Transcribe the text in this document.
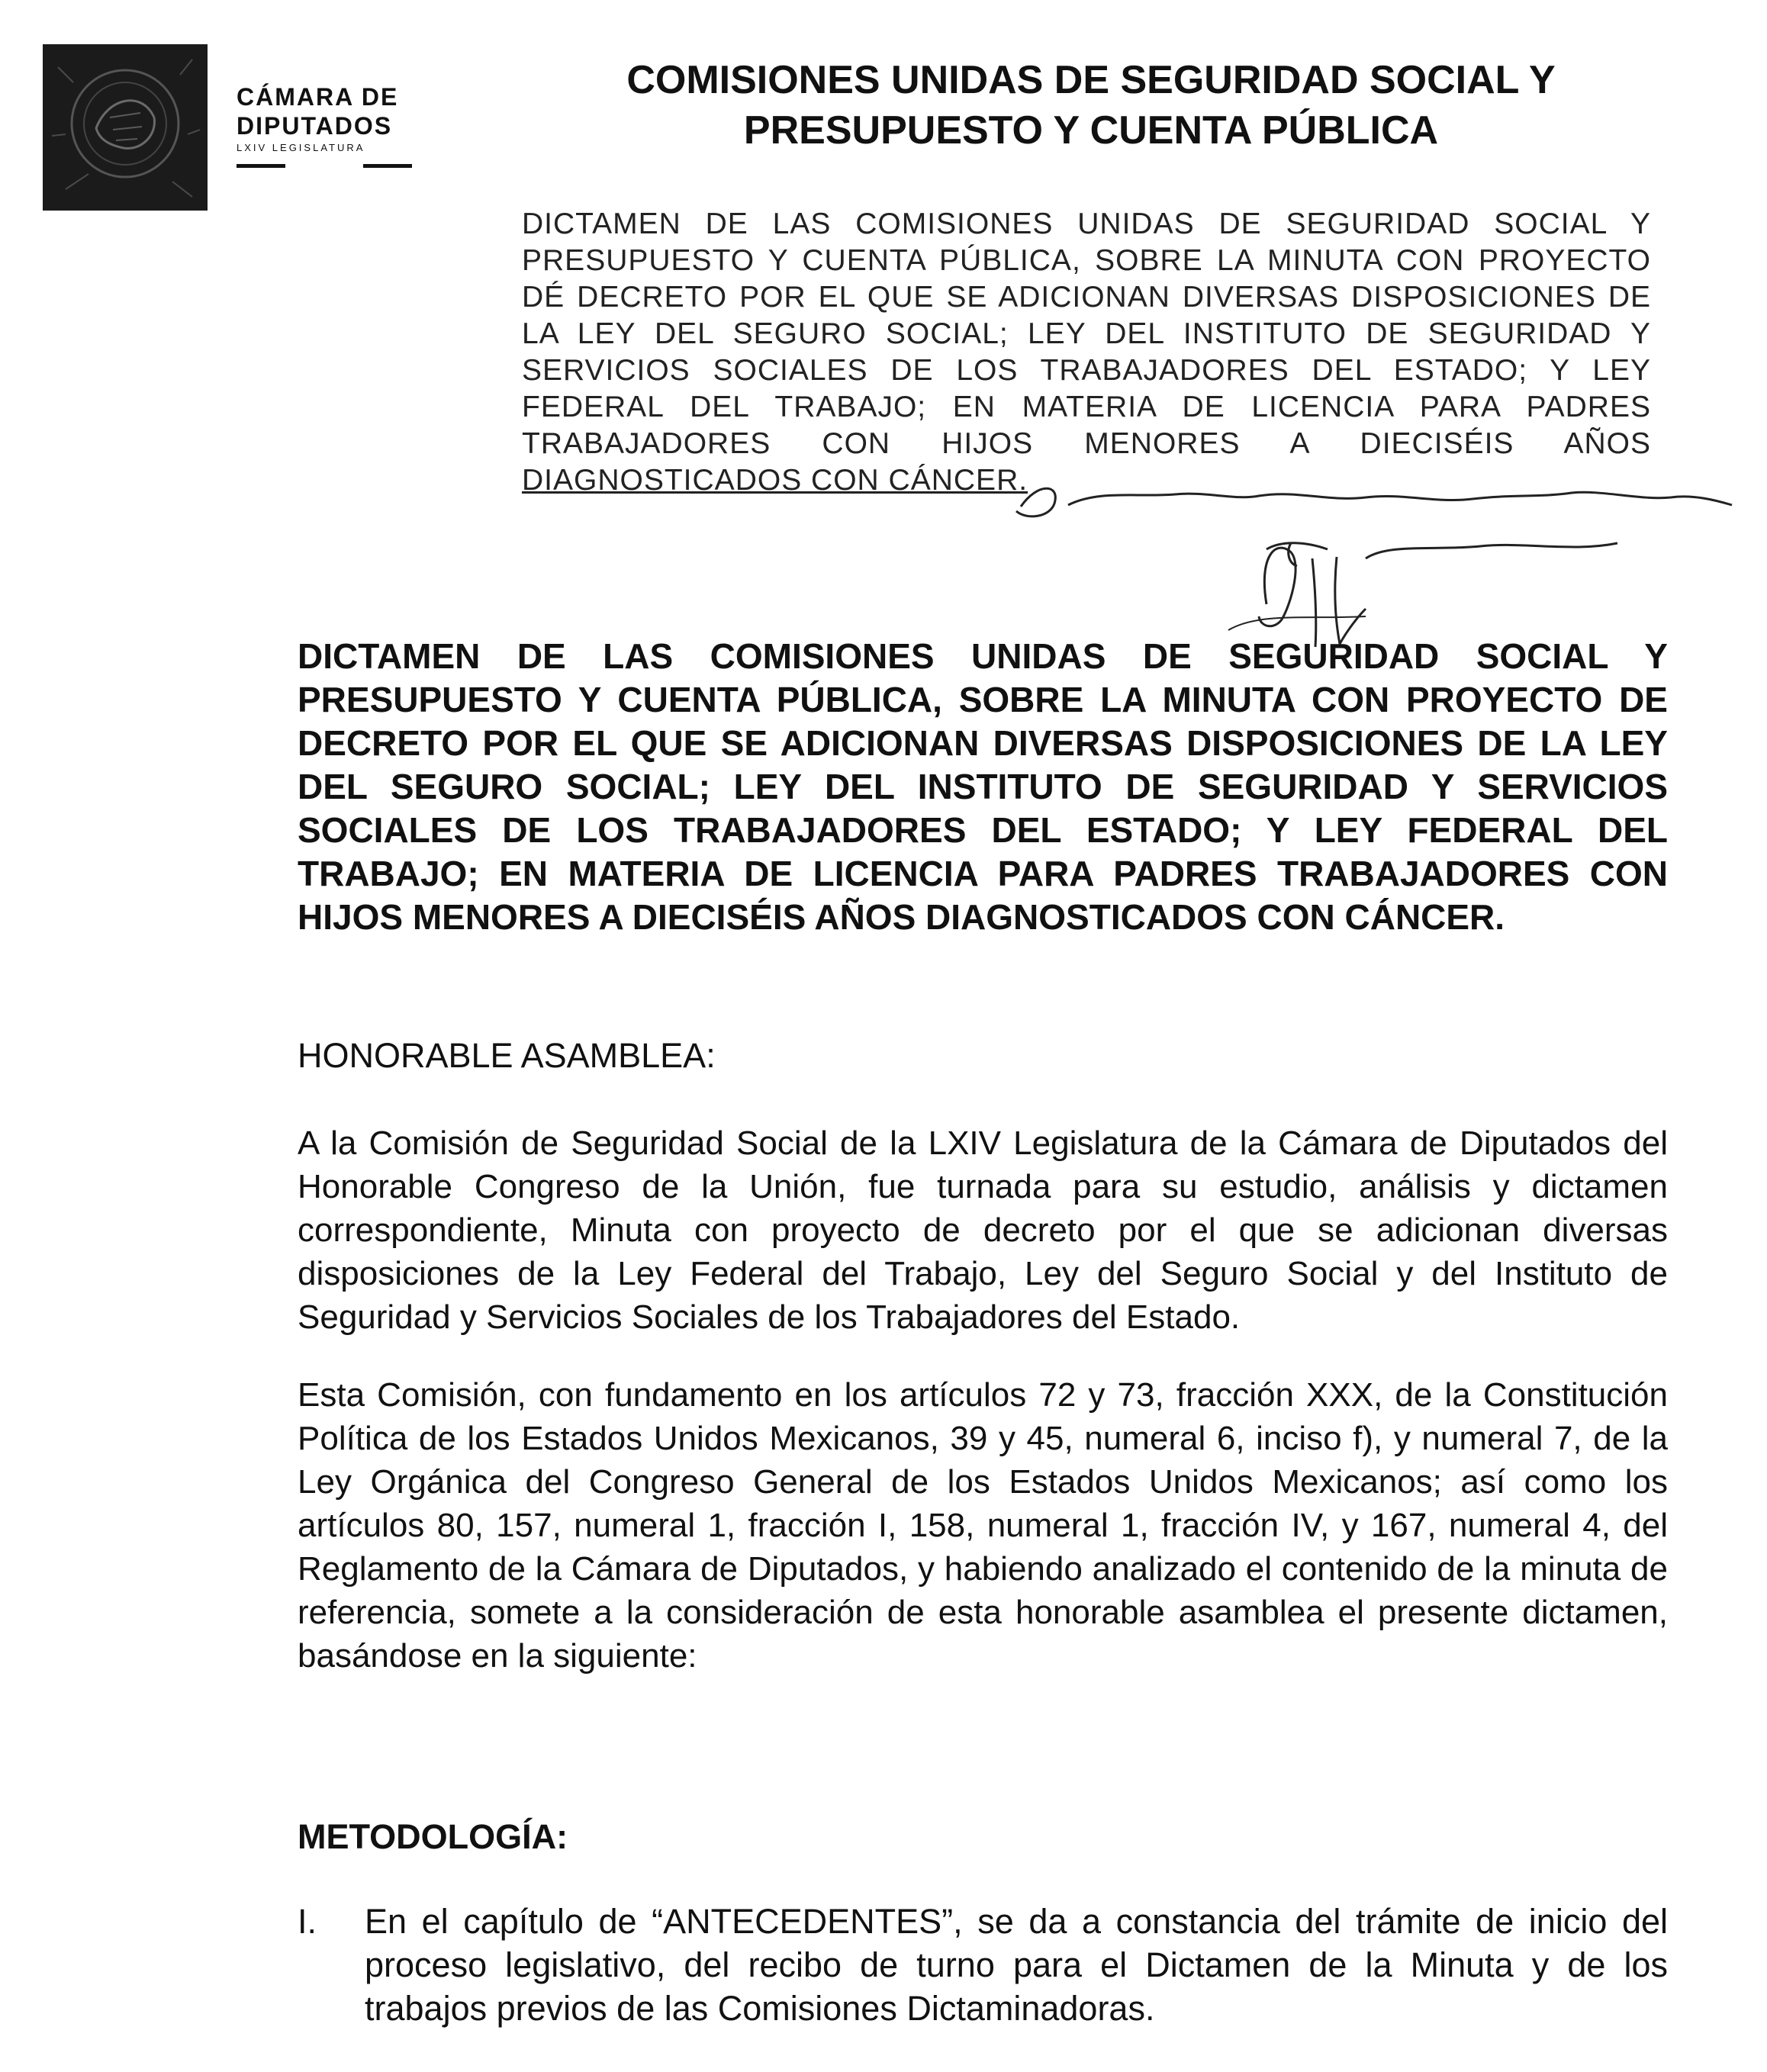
CÁMARA DE
DIPUTADOS
LXIV LEGISLATURA
COMISIONES UNIDAS DE SEGURIDAD SOCIAL Y
PRESUPUESTO Y CUENTA PÚBLICA
DICTAMEN DE LAS COMISIONES UNIDAS DE SEGURIDAD SOCIAL Y PRESUPUESTO Y CUENTA PÚBLICA, SOBRE LA MINUTA CON PROYECTO DÉ DECRETO POR EL QUE SE ADICIONAN DIVERSAS DISPOSICIONES DE LA LEY DEL SEGURO SOCIAL; LEY DEL INSTITUTO DE SEGURIDAD Y SERVICIOS SOCIALES DE LOS TRABAJADORES DEL ESTADO; Y LEY FEDERAL DEL TRABAJO; EN MATERIA DE LICENCIA PARA PADRES TRABAJADORES CON HIJOS MENORES A DIECISÉIS AÑOS DIAGNOSTICADOS CON CÁNCER.
DICTAMEN DE LAS COMISIONES UNIDAS DE SEGURIDAD SOCIAL Y PRESUPUESTO Y CUENTA PÚBLICA, SOBRE LA MINUTA CON PROYECTO DE DECRETO POR EL QUE SE ADICIONAN DIVERSAS DISPOSICIONES DE LA LEY DEL SEGURO SOCIAL; LEY DEL INSTITUTO DE SEGURIDAD Y SERVICIOS SOCIALES DE LOS TRABAJADORES DEL ESTADO; Y LEY FEDERAL DEL TRABAJO; EN MATERIA DE LICENCIA PARA PADRES TRABAJADORES CON HIJOS MENORES A DIECISÉIS AÑOS DIAGNOSTICADOS CON CÁNCER.
HONORABLE ASAMBLEA:
A la Comisión de Seguridad Social de la LXIV Legislatura de la Cámara de Diputados del Honorable Congreso de la Unión, fue turnada para su estudio, análisis y dictamen correspondiente, Minuta con proyecto de decreto por el que se adicionan diversas disposiciones de la Ley Federal del Trabajo, Ley del Seguro Social y del Instituto de Seguridad y Servicios Sociales de los Trabajadores del Estado.
Esta Comisión, con fundamento en los artículos 72 y 73, fracción XXX, de la Constitución Política de los Estados Unidos Mexicanos, 39 y 45, numeral 6, inciso f), y numeral 7, de la Ley Orgánica del Congreso General de los Estados Unidos Mexicanos; así como los artículos 80, 157, numeral 1, fracción I, 158, numeral 1, fracción IV, y 167, numeral 4, del Reglamento de la Cámara de Diputados, y habiendo analizado el contenido de la minuta de referencia, somete a la consideración de esta honorable asamblea el presente dictamen, basándose en la siguiente:
METODOLOGÍA:
I.	En el capítulo de “ANTECEDENTES”, se da a constancia del trámite de inicio del proceso legislativo, del recibo de turno para el Dictamen de la Minuta y de los trabajos previos de las Comisiones Dictaminadoras.
